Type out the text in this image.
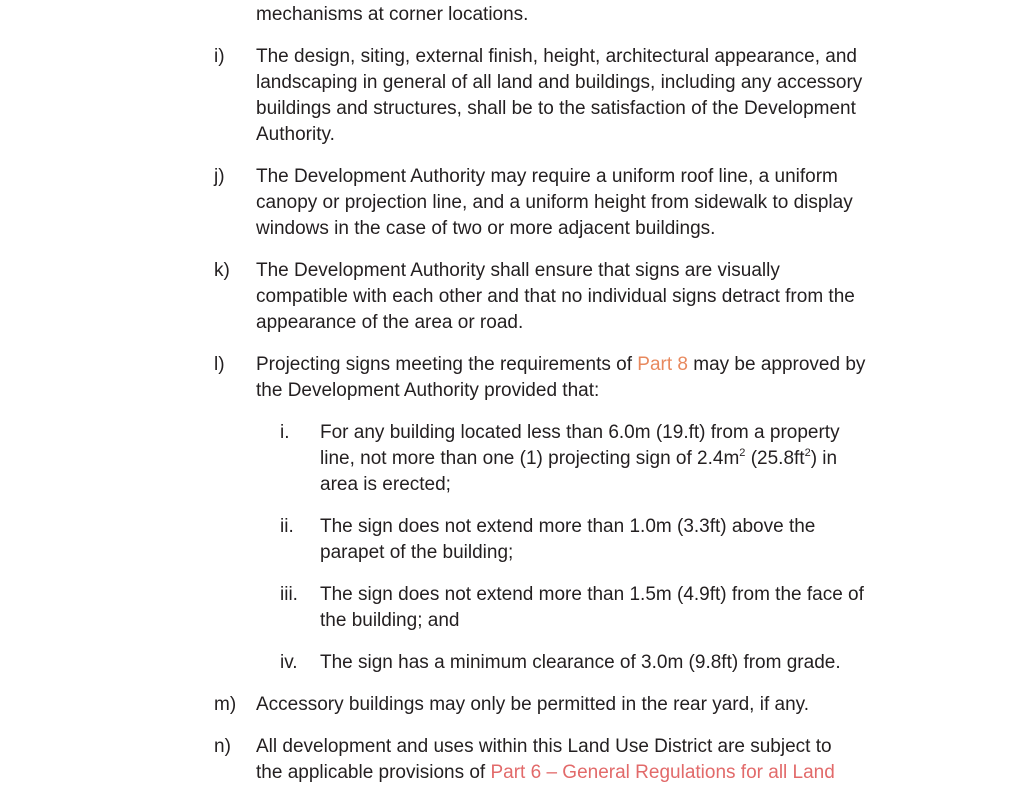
mechanisms at corner locations.
i) The design, siting, external finish, height, architectural appearance, and landscaping in general of all land and buildings, including any accessory buildings and structures, shall be to the satisfaction of the Development Authority.
j) The Development Authority may require a uniform roof line, a uniform canopy or projection line, and a uniform height from sidewalk to display windows in the case of two or more adjacent buildings.
k) The Development Authority shall ensure that signs are visually compatible with each other and that no individual signs detract from the appearance of the area or road.
l) Projecting signs meeting the requirements of Part 8 may be approved by the Development Authority provided that:
i. For any building located less than 6.0m (19.ft) from a property line, not more than one (1) projecting sign of $2.4m^2$ $(25.8ft^2)$ in area is erected;
ii. The sign does not extend more than 1.0m (3.3ft) above the parapet of the building;
iii. The sign does not extend more than 1.5m (4.9ft) from the face of the building; and
iv. The sign has a minimum clearance of 3.0m (9.8ft) from grade.
m) Accessory buildings may only be permitted in the rear yard, if any.
n) All development and uses within this Land Use District are subject to
the applicable provisions of Part 6 – General Regulations for all Land
